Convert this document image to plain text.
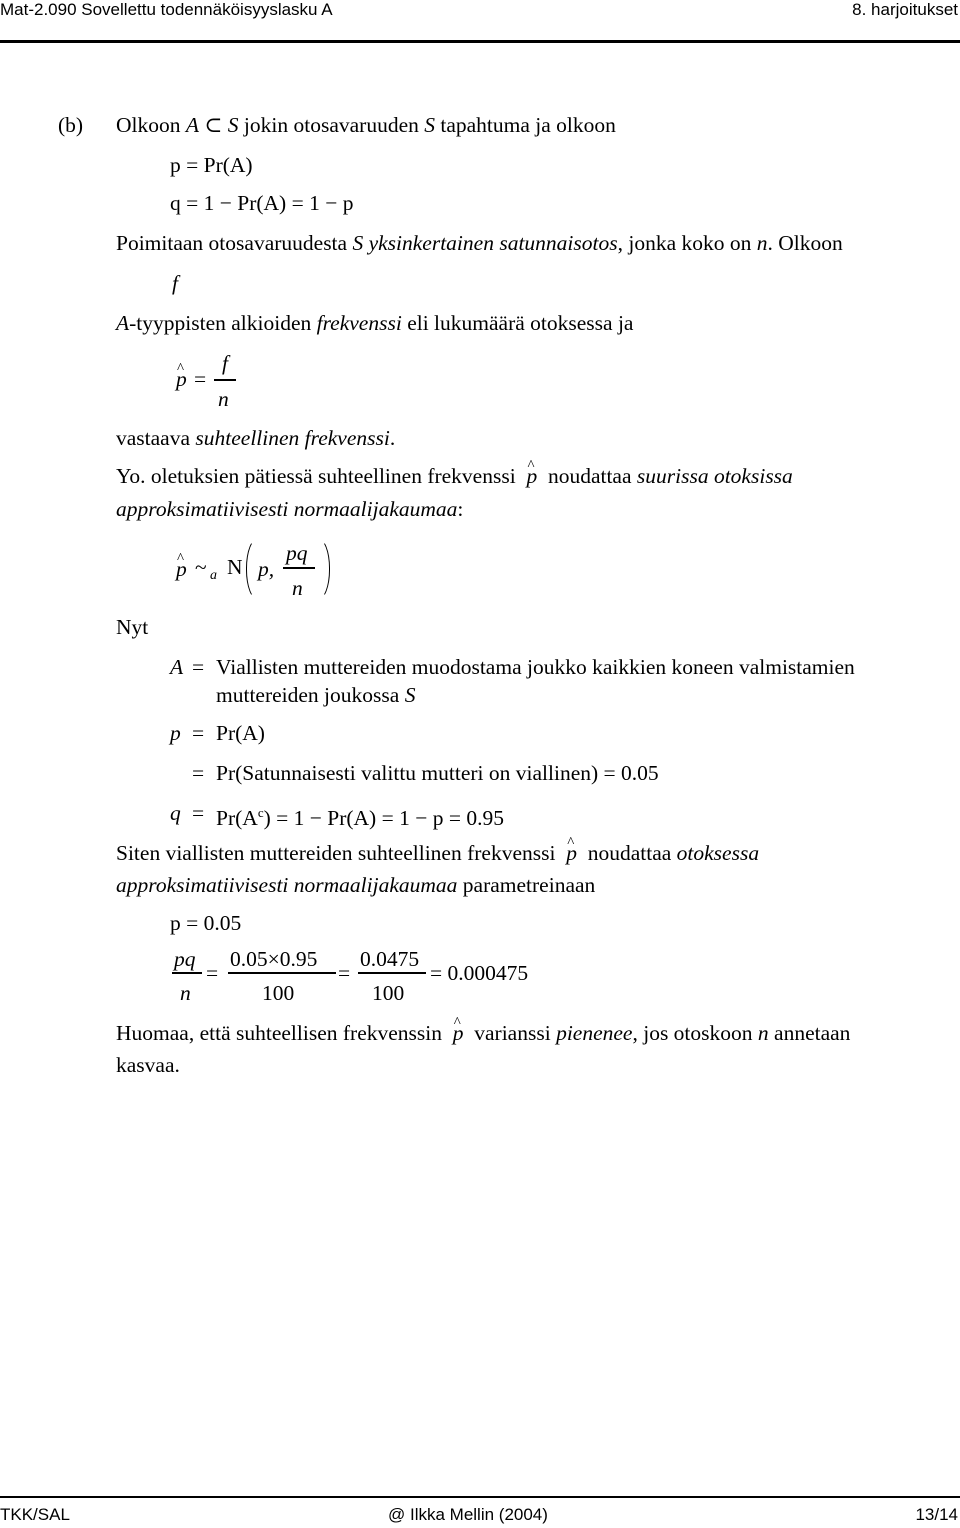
Mat-2.090 Sovellettu todennäköisyyslasku A	8. harjoitukset
(b) Olkoon A ⊂ S jokin otosavaruuden S tapahtuma ja olkoon
p = Pr(A)
q = 1 − Pr(A) = 1 − p
Poimitaan otosavaruudesta S yksinkertainen satunnaisotos, jonka koko on n. Olkoon
f
A-tyyppisten alkioiden frekvenssi eli lukumäärä otoksessa ja
^ p =
f
n
vastaava suhteellinen frekvenssi.
Yo. oletuksien pätiessä suhteellinen frekvenssi ^ p noudattaa suurissa otoksissa
approksimatiivisesti normaalijakaumaa:
^ p ~ a N p,
pq
n
Nyt
A = Viallisten muttereiden muodostama joukko kaikkien koneen valmistamien
muttereiden joukossa S
p = Pr(A)
= Pr(Satunnaisesti valittu mutteri on viallinen) = 0.05
$q = Pr(A^c) = 1 - Pr(A) = 1 - p = 0.95$
Siten viallisten muttereiden suhteellinen frekvenssi ^ p noudattaa otoksessa
approksimatiivisesti normaalijakaumaa parametreinaan
p = 0.05
pq
n
=
0.05×0.95
100
=
0.0475
100
= 0.000475
Huomaa, että suhteellisen frekvenssin ^ p varianssi pienenee, jos otoskoon n annetaan
kasvaa.
TKK/SAL	@ Ilkka Mellin (2004)	13/14
